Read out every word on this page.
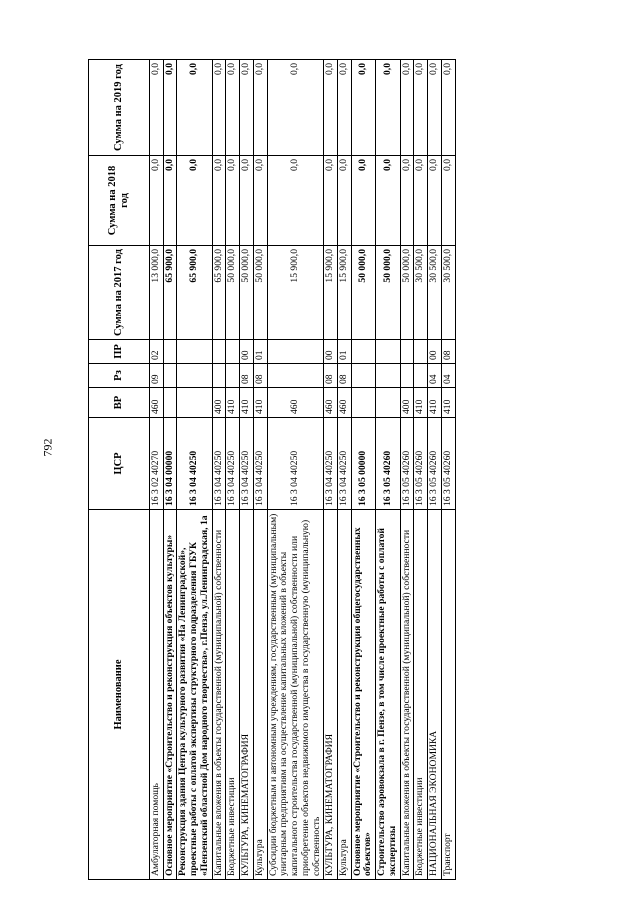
792
Наименование	ЦСР	ВР	Рз	ПР	Сумма на 2017 год	Сумма на 2018 год	Сумма на 2019 год
Амбулаторная помощь	16 3 02 40270	460	09	02	13 000,0	0,0	0,0
Основное мероприятие «Строительство и реконструкция объектов культуры»	16 3 04 00000				65 900,0	0,0	0,0
Реконструкция здания Центра культурного развития «На Ленинградской», проектные работы с оплатой экспертизы структурного подразделения ГБУК «Пензенский областной Дом народного творчества», г.Пенза, ул.Ленинградская, 1а	16 3 04 40250				65 900,0	0,0	0,0
Капитальные вложения в объекты государственной (муниципальной) собственности	16 3 04 40250	400			65 900,0	0,0	0,0
Бюджетные инвестиции	16 3 04 40250	410			50 000,0	0,0	0,0
КУЛЬТУРА, КИНЕМАТОГРАФИЯ	16 3 04 40250	410	08	00	50 000,0	0,0	0,0
Культура	16 3 04 40250	410	08	01	50 000,0	0,0	0,0
Субсидии бюджетным и автономным учреждениям, государственным (муниципальным) унитарным предприятиям на осуществление капитальных вложений в объекты капитального строительства государственной (муниципальной) собственности или приобретение объектов недвижимого имущества в государственную (муниципальную) собственность	16 3 04 40250	460			15 900,0	0,0	0,0
КУЛЬТУРА, КИНЕМАТОГРАФИЯ	16 3 04 40250	460	08	00	15 900,0	0,0	0,0
Культура	16 3 04 40250	460	08	01	15 900,0	0,0	0,0
Основное мероприятие «Строительство и реконструкция общегосударственных объектов»	16 3 05 00000				50 000,0	0,0	0,0
Строительство аэровокзала в г. Пензе, в том числе проектные работы с оплатой экспертизы	16 3 05 40260				50 000,0	0,0	0,0
Капитальные вложения в объекты государственной (муниципальной) собственности	16 3 05 40260	400			50 000,0	0,0	0,0
Бюджетные инвестиции	16 3 05 40260	410			30 500,0	0,0	0,0
НАЦИОНАЛЬНАЯ ЭКОНОМИКА	16 3 05 40260	410	04	00	30 500,0	0,0	0,0
Транспорт	16 3 05 40260	410	04	08	30 500,0	0,0	0,0
